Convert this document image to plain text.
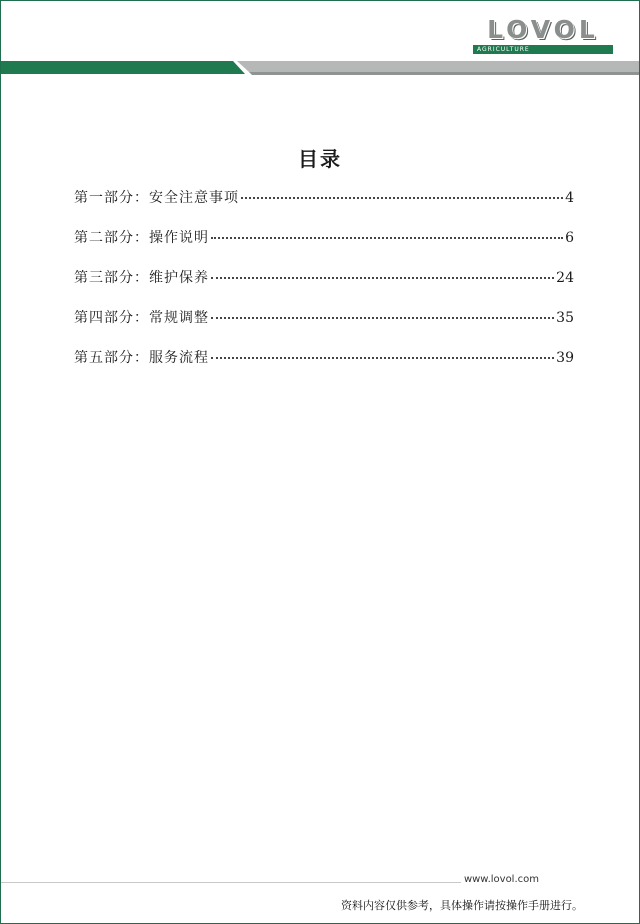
LOVOL
AGRICULTURE
目录
第一部分：安全注意事项	4
第二部分：操作说明	6
第三部分：维护保养	24
第四部分：常规调整	35
第五部分：服务流程	39
www.lovol.com
资料内容仅供参考，具体操作请按操作手册进行。
